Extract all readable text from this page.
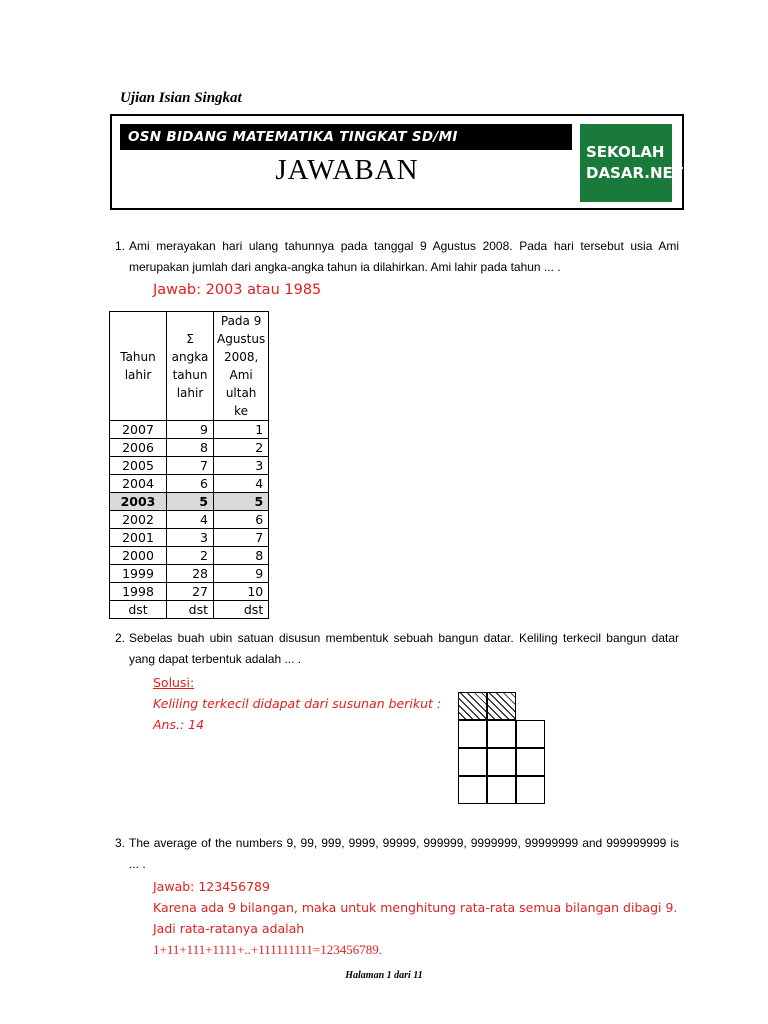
Ujian Isian Singkat
OSN BIDANG MATEMATIKA TINGKAT SD/MI
JAWABAN
SEKOLAH
DASAR.NET
1. Ami merayakan hari ulang tahunnya pada tanggal 9 Agustus 2008. Pada hari tersebut usia Ami merupakan jumlah dari angka-angka tahun ia dilahirkan. Ami lahir pada tahun ... .
Jawab: 2003 atau 1985
Tahun lahir	Σ angka tahun lahir	Pada 9 Agustus 2008, Ami ultah ke
2007	9	1
2006	8	2
2005	7	3
2004	6	4
2003	5	5
2002	4	6
2001	3	7
2000	2	8
1999	28	9
1998	27	10
dst	dst	dst
2. Sebelas buah ubin satuan disusun membentuk sebuah bangun datar. Keliling terkecil bangun datar yang dapat terbentuk adalah ... .
Solusi:
Keliling terkecil didapat dari susunan berikut :
Ans.: 14
3. The average of the numbers 9, 99, 999, 9999, 99999, 999999, 9999999, 99999999 and 999999999 is ... .
Jawab: 123456789
Karena ada 9 bilangan, maka untuk menghitung rata-rata semua bilangan dibagi 9.
Jadi rata-ratanya adalah
1+11+111+1111+..+111111111=123456789.
Halaman 1 dari 11
